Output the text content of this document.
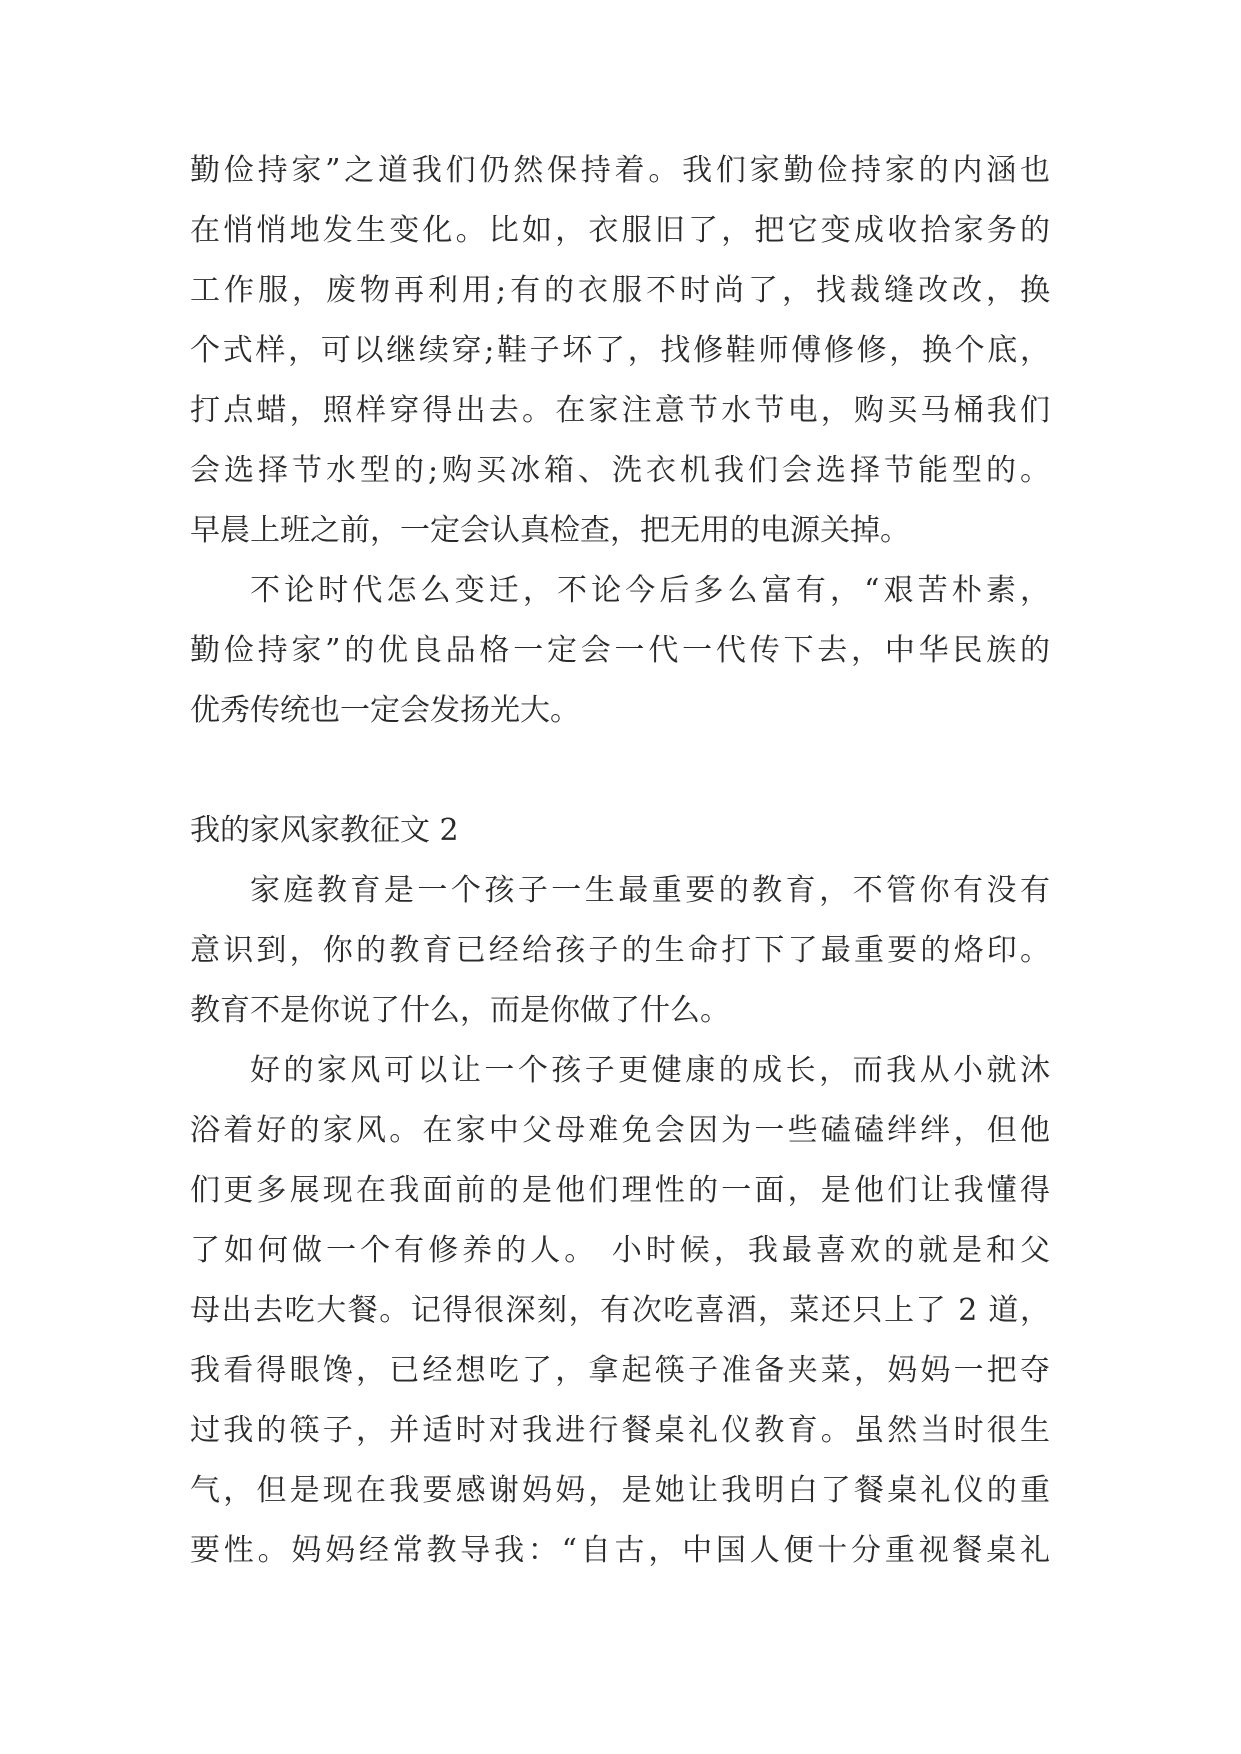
勤俭持家”之道我们仍然保持着。我们家勤俭持家的内涵也
在悄悄地发生变化。比如，衣服旧了，把它变成收拾家务的
工作服，废物再利用;有的衣服不时尚了，找裁缝改改，换
个式样，可以继续穿;鞋子坏了，找修鞋师傅修修，换个底，
打点蜡，照样穿得出去。在家注意节水节电，购买马桶我们
会选择节水型的;购买冰箱、洗衣机我们会选择节能型的。
早晨上班之前，一定会认真检查，把无用的电源关掉。
不论时代怎么变迁，不论今后多么富有，“艰苦朴素，
勤俭持家”的优良品格一定会一代一代传下去，中华民族的
优秀传统也一定会发扬光大。
我的家风家教征文 2
家庭教育是一个孩子一生最重要的教育，不管你有没有
意识到，你的教育已经给孩子的生命打下了最重要的烙印。
教育不是你说了什么，而是你做了什么。
好的家风可以让一个孩子更健康的成长，而我从小就沐
浴着好的家风。在家中父母难免会因为一些磕磕绊绊，但他
们更多展现在我面前的是他们理性的一面，是他们让我懂得
了如何做一个有修养的人。 小时候，我最喜欢的就是和父
母出去吃大餐。记得很深刻，有次吃喜酒，菜还只上了 2 道，
我看得眼馋，已经想吃了，拿起筷子准备夹菜，妈妈一把夺
过我的筷子，并适时对我进行餐桌礼仪教育。虽然当时很生
气，但是现在我要感谢妈妈，是她让我明白了餐桌礼仪的重
要性。妈妈经常教导我：“自古，中国人便十分重视餐桌礼
